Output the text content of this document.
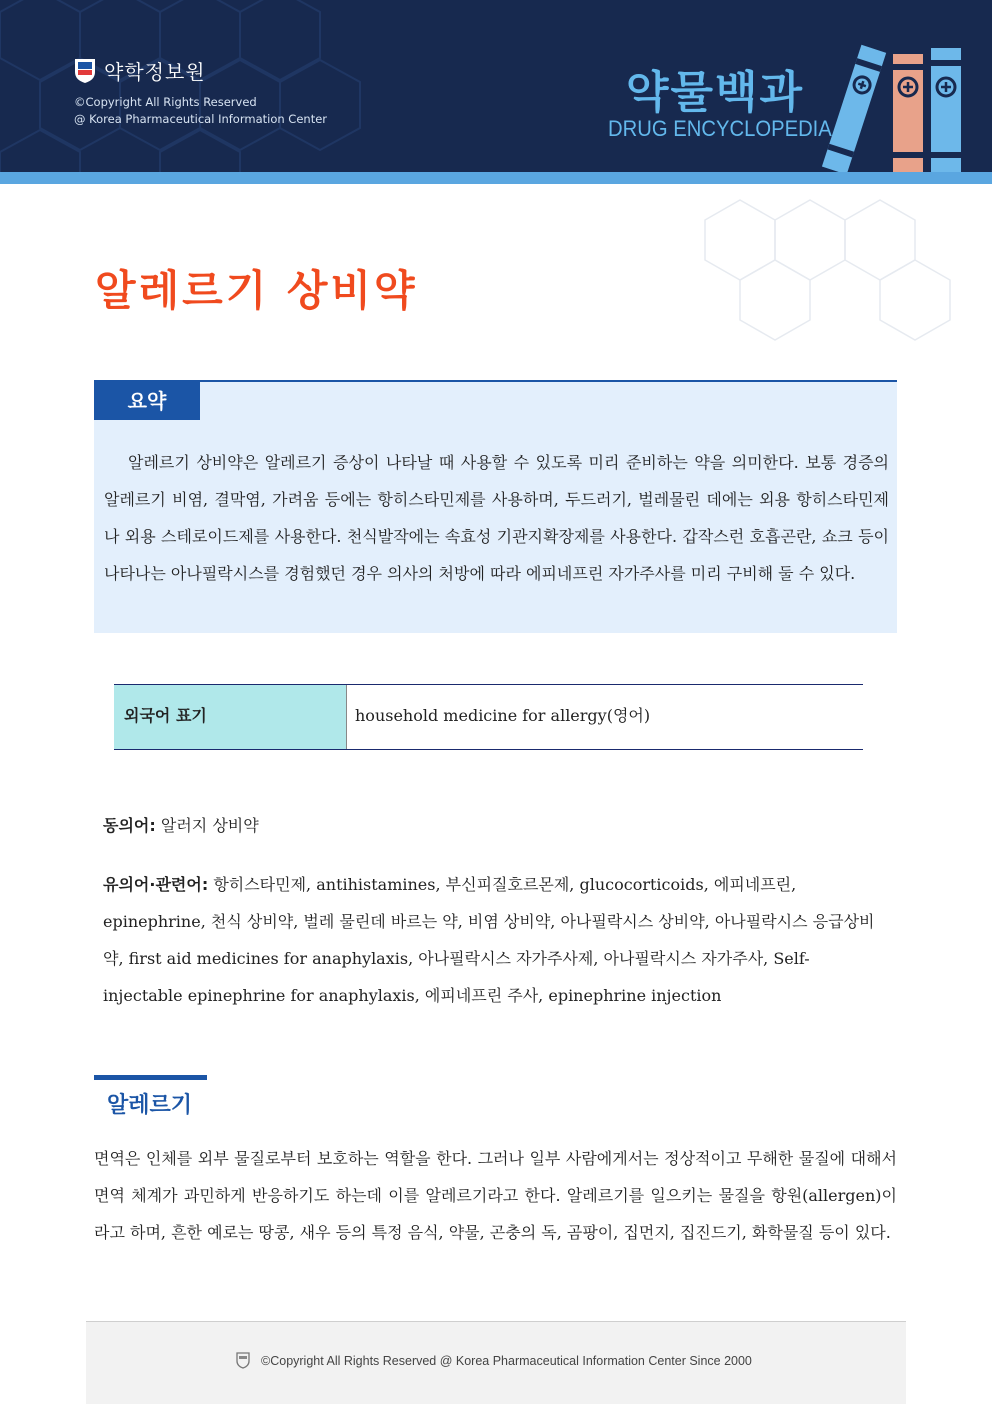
약학정보원
©Copyright All Rights Reserved
@ Korea Pharmaceutical Information Center
약물백과
DRUG ENCYCLOPEDIA
알레르기 상비약
요약

알레르기 상비약은 알레르기 증상이 나타날 때 사용할 수 있도록 미리 준비하는 약을 의미한다. 보통 경증의 알레르기 비염, 결막염, 가려움 등에는 항히스타민제를 사용하며, 두드러기, 벌레물린 데에는 외용 항히스타민제나 외용 스테로이드제를 사용한다. 천식발작에는 속효성 기관지확장제를 사용한다. 갑작스런 호흡곤란, 쇼크 등이 나타나는 아나필락시스를 경험했던 경우 의사의 처방에 따라 에피네프린 자가주사를 미리 구비해 둘 수 있다.

외국어 표기	household medicine for allergy(영어)
동의어: 알러지 상비약

유의어·관련어: 항히스타민제, antihistamines, 부신피질호르몬제, glucocorticoids, 에피네프린, epinephrine, 천식 상비약, 벌레 물린데 바르는 약, 비염 상비약, 아나필락시스 상비약, 아나필락시스 응급상비약, first aid medicines for anaphylaxis, 아나필락시스 자가주사제, 아나필락시스 자가주사, Self-injectable epinephrine for anaphylaxis, 에피네프린 주사, epinephrine injection

알레르기

면역은 인체를 외부 물질로부터 보호하는 역할을 한다. 그러나 일부 사람에게서는 정상적이고 무해한 물질에 대해서 면역 체계가 과민하게 반응하기도 하는데 이를 알레르기라고 한다. 알레르기를 일으키는 물질을 항원(allergen)이라고 하며, 흔한 예로는 땅콩, 새우 등의 특정 음식, 약물, 곤충의 독, 곰팡이, 집먼지, 집진드기, 화학물질 등이 있다.

©Copyright All Rights Reserved @ Korea Pharmaceutical Information Center Since 2000
